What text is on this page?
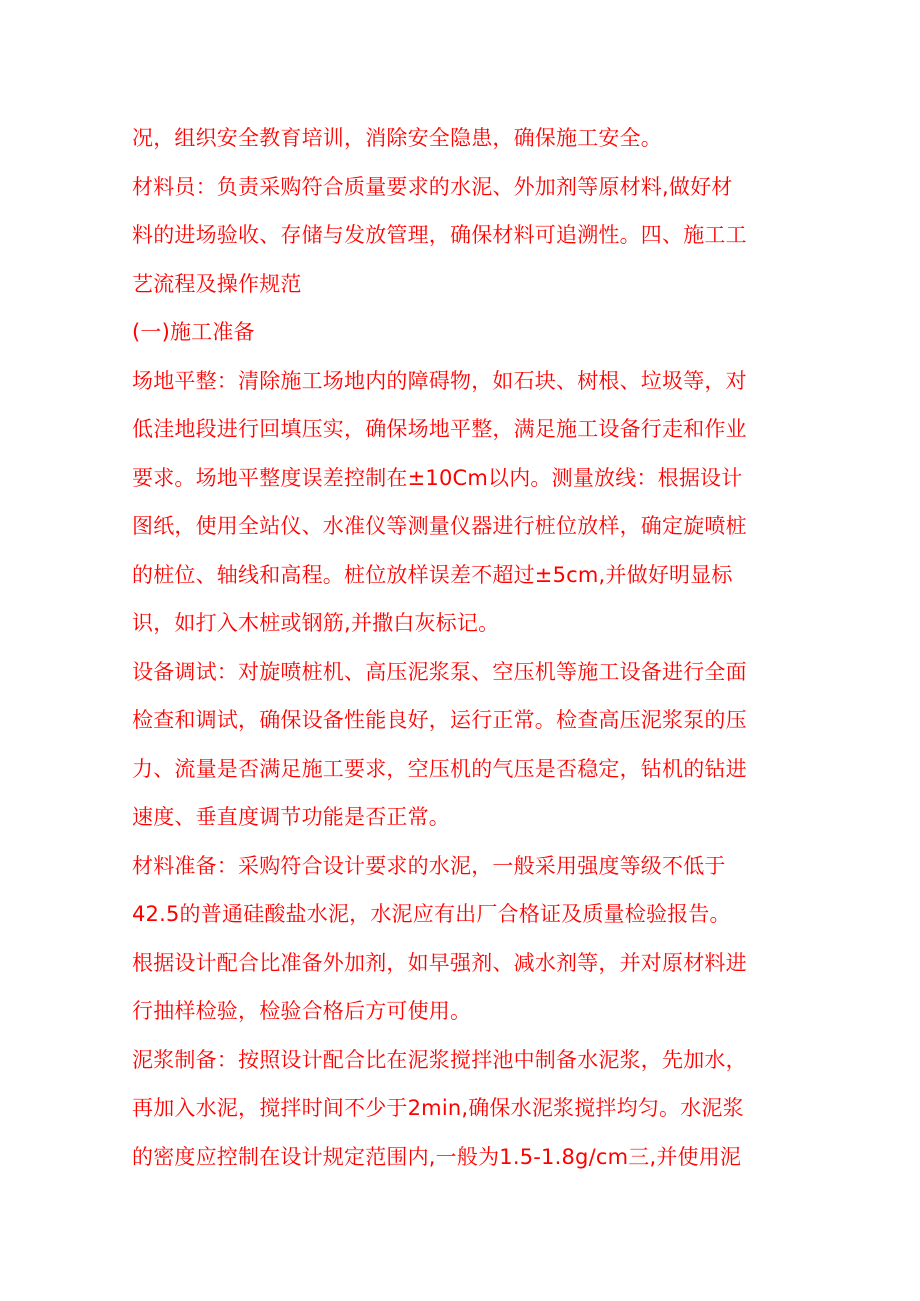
况，组织安全教育培训，消除安全隐患，确保施工安全。

材料员：负责采购符合质量要求的水泥、外加剂等原材料,做好材
料的进场验收、存储与发放管理，确保材料可追溯性。四、施工工
艺流程及操作规范

(一)施工准备

场地平整：清除施工场地内的障碍物，如石块、树根、垃圾等，对
低洼地段进行回填压实，确保场地平整，满足施工设备行走和作业
要求。场地平整度误差控制在±10Cm以内。测量放线：根据设计
图纸，使用全站仪、水准仪等测量仪器进行桩位放样，确定旋喷桩
的桩位、轴线和高程。桩位放样误差不超过±5cm,并做好明显标
识，如打入木桩或钢筋,并撒白灰标记。

设备调试：对旋喷桩机、高压泥浆泵、空压机等施工设备进行全面
检查和调试，确保设备性能良好，运行正常。检查高压泥浆泵的压
力、流量是否满足施工要求，空压机的气压是否稳定，钻机的钻进
速度、垂直度调节功能是否正常。

材料准备：采购符合设计要求的水泥，一般采用强度等级不低于
42.5的普通硅酸盐水泥，水泥应有出厂合格证及质量检验报告。
根据设计配合比准备外加剂，如早强剂、减水剂等，并对原材料进
行抽样检验，检验合格后方可使用。

泥浆制备：按照设计配合比在泥浆搅拌池中制备水泥浆，先加水，
再加入水泥，搅拌时间不少于2min,确保水泥浆搅拌均匀。水泥浆
的密度应控制在设计规定范围内,一般为1.5-1.8g/cm三,并使用泥
